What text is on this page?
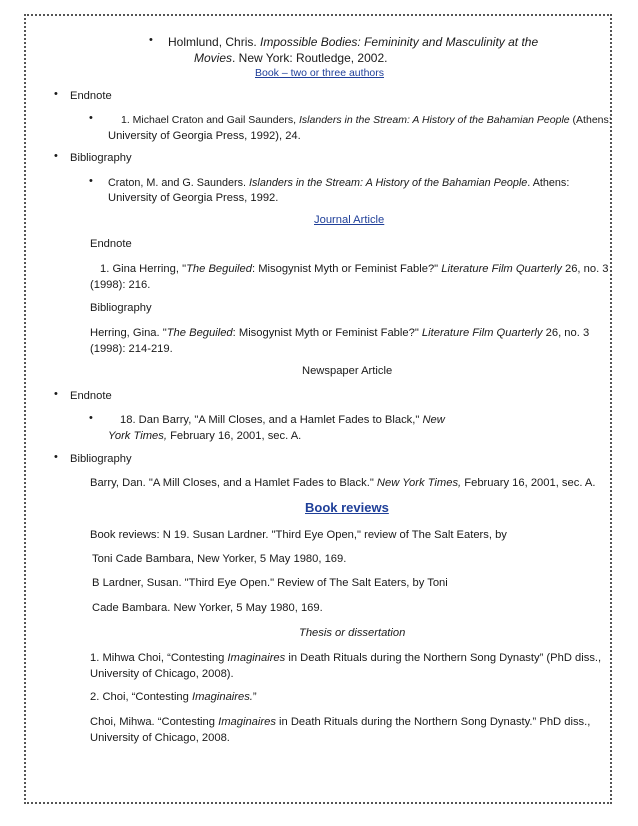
• Holmlund, Chris. Impossible Bodies: Femininity and Masculinity at the
Movies. New York: Routledge, 2002.
Book – two or three authors
• Endnote
•	1. Michael Craton and Gail Saunders, Islanders in the Stream: A History of the Bahamian People (Athens:
University of Georgia Press, 1992), 24.
• Bibliography
• Craton, M. and G. Saunders. Islanders in the Stream: A History of the Bahamian People. Athens:
University of Georgia Press, 1992.
Journal Article
Endnote
1. Gina Herring, "The Beguiled: Misogynist Myth or Feminist Fable?" Literature Film Quarterly 26, no. 3
(1998): 216.
Bibliography
Herring, Gina. "The Beguiled: Misogynist Myth or Feminist Fable?" Literature Film Quarterly 26, no. 3
(1998): 214-219.
Newspaper Article
• Endnote
• 18. Dan Barry, "A Mill Closes, and a Hamlet Fades to Black," New
York Times, February 16, 2001, sec. A.
• Bibliography
Barry, Dan. "A Mill Closes, and a Hamlet Fades to Black." New York Times, February 16, 2001, sec. A.
Book reviews
Book reviews: N 19. Susan Lardner. "Third Eye Open," review of The Salt Eaters, by
Toni Cade Bambara, New Yorker, 5 May 1980, 169.
B Lardner, Susan. "Third Eye Open." Review of The Salt Eaters, by Toni
Cade Bambara. New Yorker, 5 May 1980, 169.
Thesis or dissertation
1. Mihwa Choi, “Contesting Imaginaires in Death Rituals during the Northern Song Dynasty” (PhD diss.,
University of Chicago, 2008).
2. Choi, “Contesting Imaginaires.”
Choi, Mihwa. “Contesting Imaginaires in Death Rituals during the Northern Song Dynasty.” PhD diss.,
University of Chicago, 2008.
